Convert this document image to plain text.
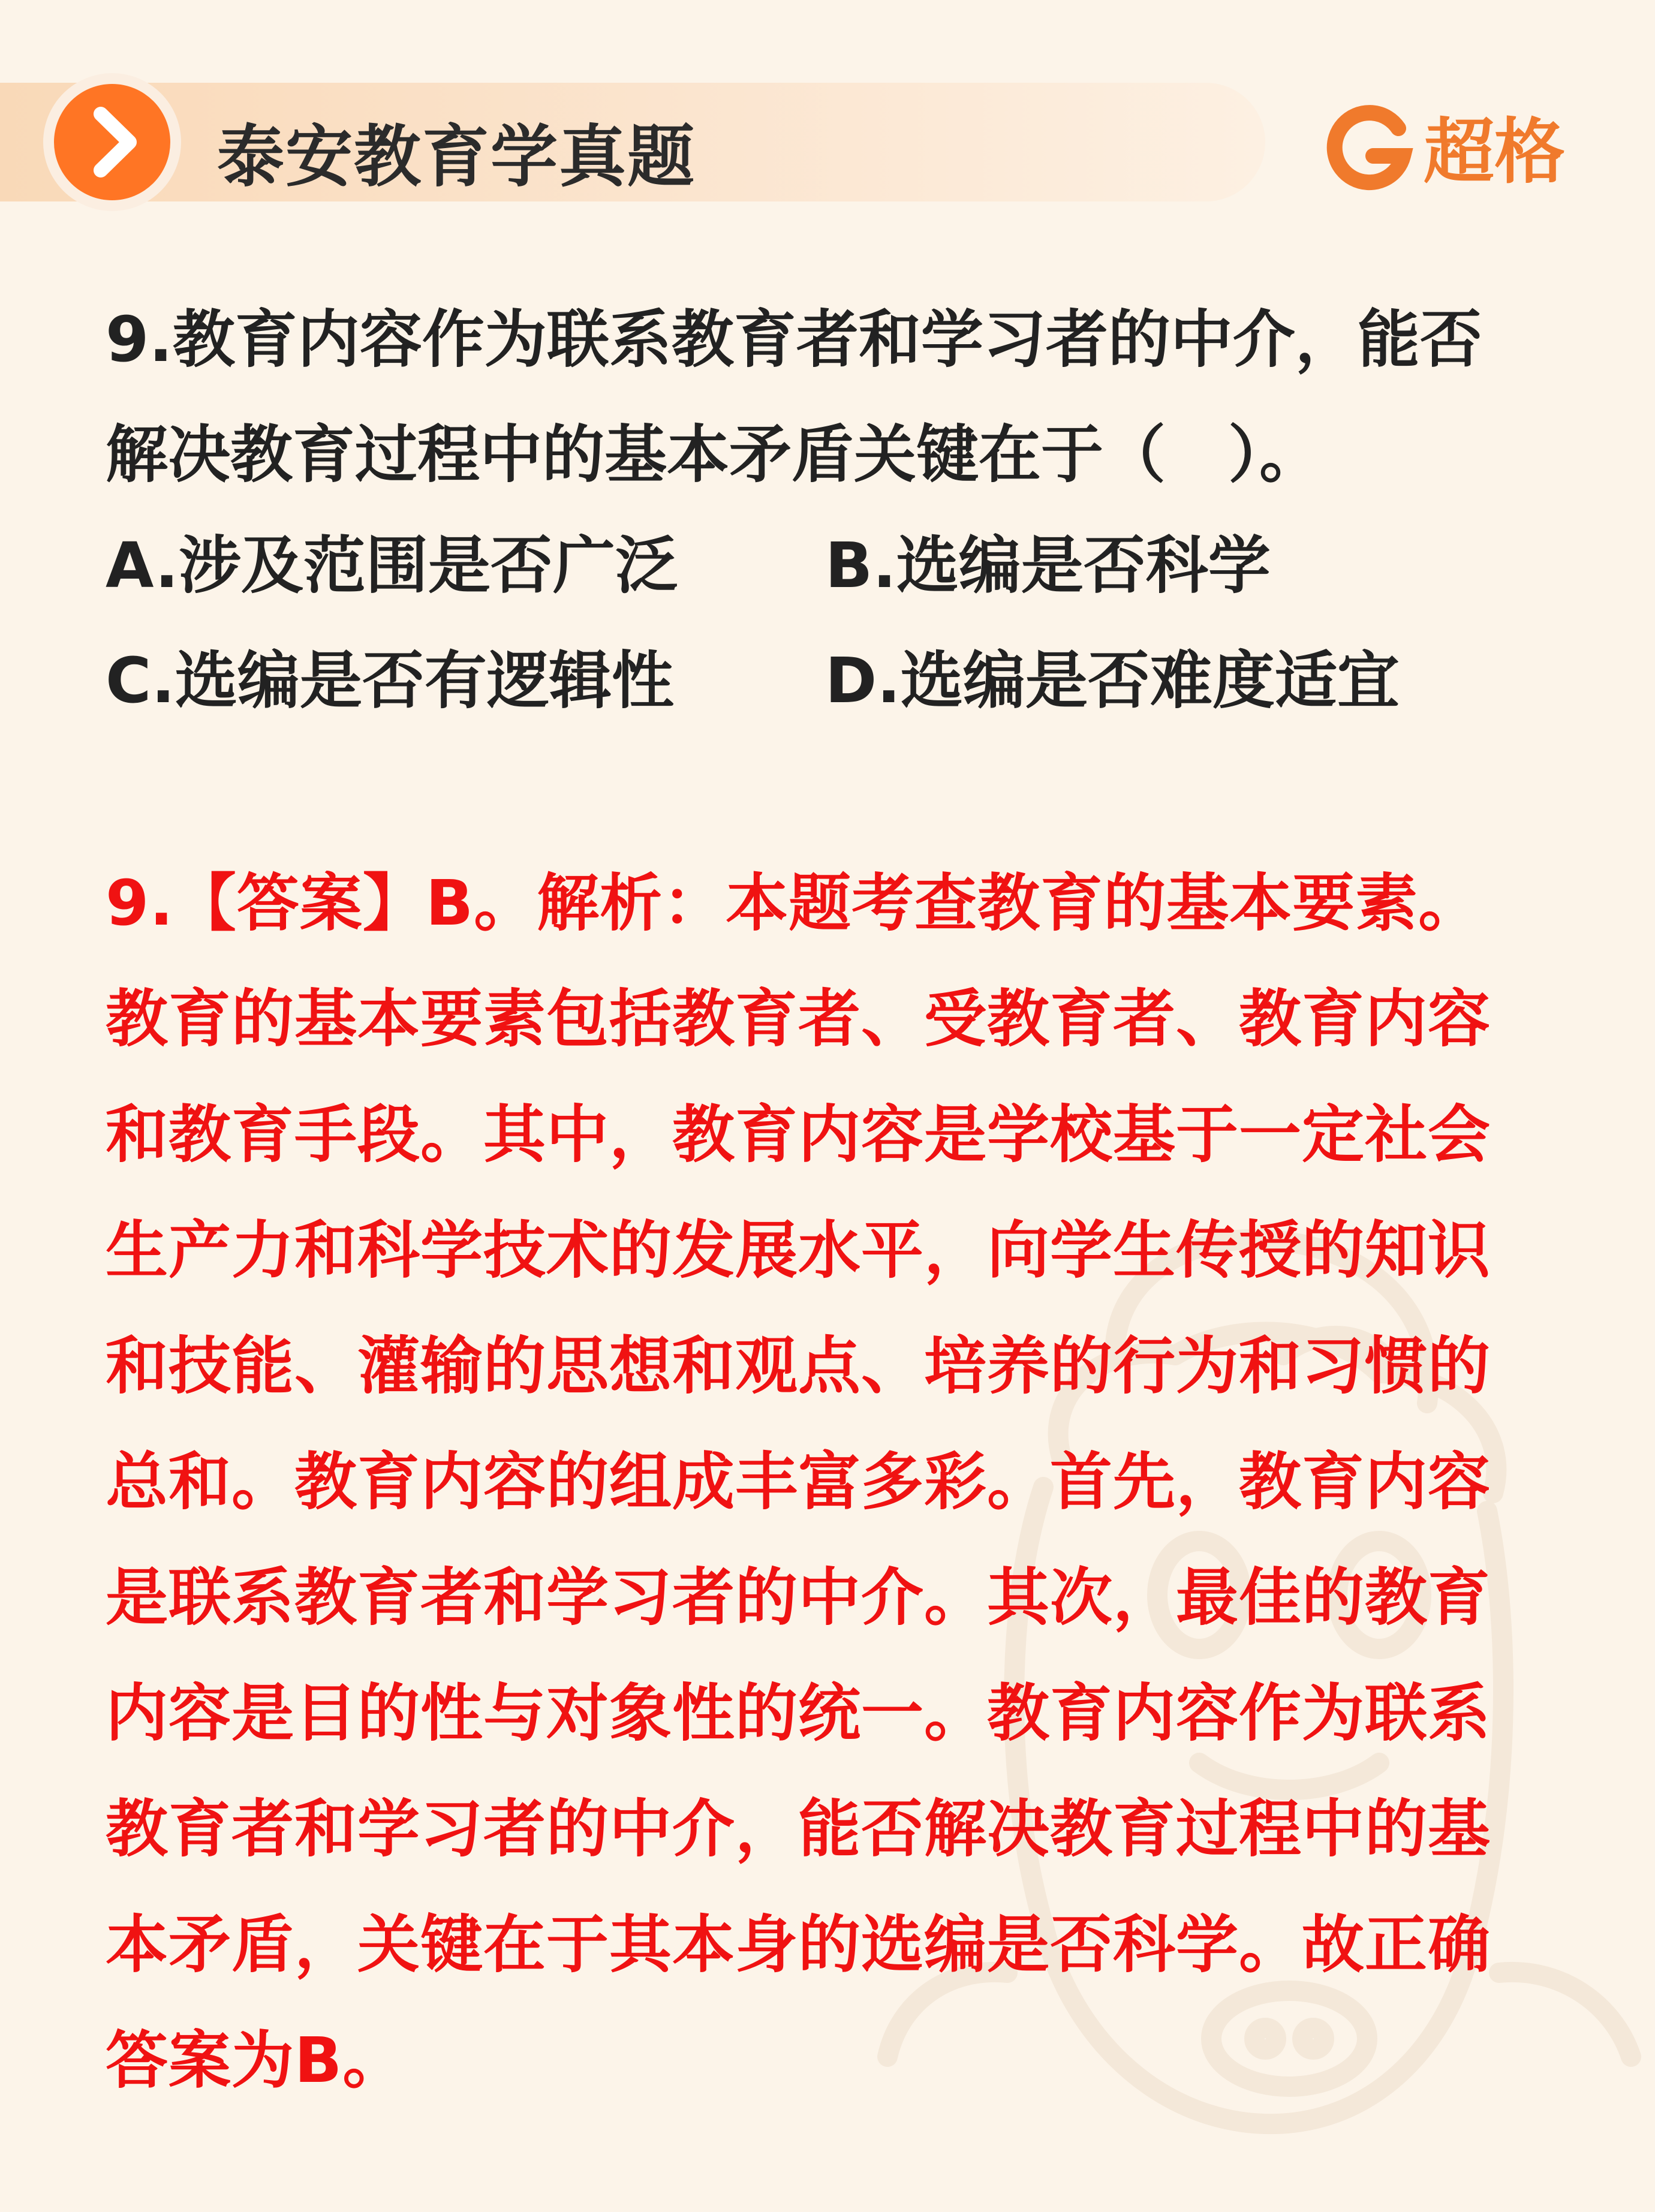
泰安教育学真题	超格
9.教育内容作为联系教育者和学习者的中介，能否
解决教育过程中的基本矛盾关键在于（　）。
A.涉及范围是否广泛	B.选编是否科学
C.选编是否有逻辑性	D.选编是否难度适宜
9.【答案】B。解析：本题考查教育的基本要素。
教育的基本要素包括教育者、受教育者、教育内容
和教育手段。其中，教育内容是学校基于一定社会
生产力和科学技术的发展水平，向学生传授的知识
和技能、灌输的思想和观点、培养的行为和习惯的
总和。教育内容的组成丰富多彩。首先，教育内容
是联系教育者和学习者的中介。其次，最佳的教育
内容是目的性与对象性的统一。教育内容作为联系
教育者和学习者的中介，能否解决教育过程中的基
本矛盾，关键在于其本身的选编是否科学。故正确
答案为B。
